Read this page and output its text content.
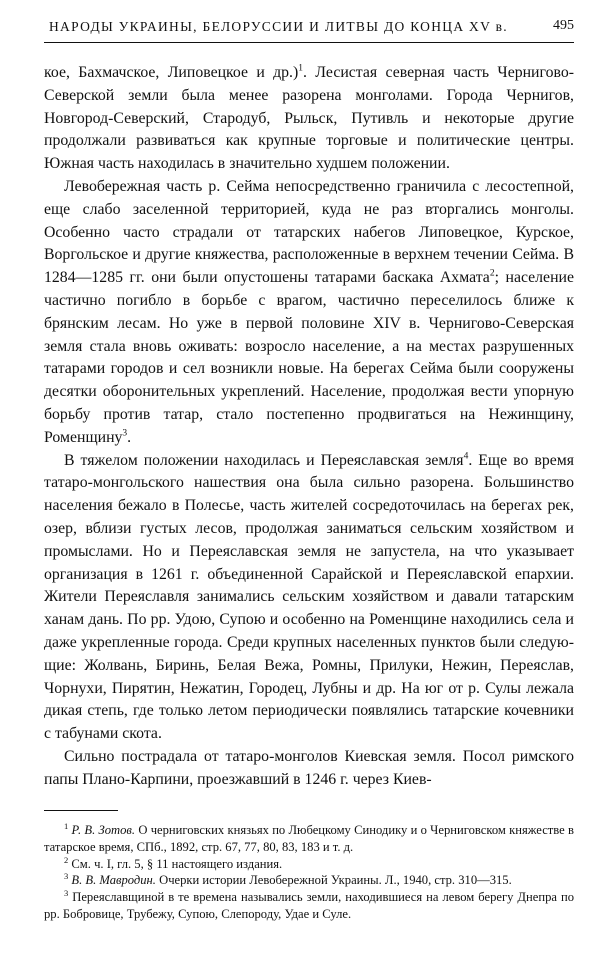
НАРОДЫ УКРАИНЫ, БЕЛОРУССИИ И ЛИТВЫ ДО КОНЦА XV в.	495

кое, Бахмачское, Липовецкое и др.)$^1$. Лесистая северная часть Чернигово-Северской земли была менее разорена монголами. Города Чернигов, Новгород-Северский, Стародуб, Рыльск, Путивль и некоторые другие продолжали развиваться как крупные торговые и политические центры. Южная часть находилась в значительно худшем положении.

Левобережная часть р. Сейма непосредственно граничила с лесостепной, еще слабо заселенной территорией, куда не раз вторгались монголы. Особенно часто страдали от татарских набегов Липовецкое, Курское, Воргольское и другие княжества, расположенные в верхнем течении Сейма. В 1284—1285 гг. они были опустошены татарами баскака Ахмата$^2$; население частично погибло в борьбе с врагом, частично переселилось ближе к брянским лесам. Но уже в первой половине XIV в. Чернигово-Северская земля стала вновь оживать: возросло население, а на местах разрушенных татарами городов и сел возникли новые. На берегах Сейма были сооружены десятки оборонительных укреплений. Население, продолжая вести упорную борьбу против татар, стало постепенно продвигаться на Нежинщину, Роменщину$^3$.

В тяжелом положении находилась и Переяславская земля$^4$. Еще во время татаро-монгольского нашествия она была сильно разорена. Большинство населения бежало в Полесье, часть жителей сосредоточилась на берегах рек, озер, вблизи густых лесов, продолжая заниматься сельским хозяйством и промыслами. Но и Переяславская земля не запустела, на что указывает организация в 1261 г. объединенной Сарайской и Переяславской епархии. Жители Переяславля занимались сельским хозяйством и давали татарским ханам дань. По рр. Удою, Супою и особенно на Роменщине находились села и даже укрепленные города. Среди крупных населенных пунктов были следующие: Жолвань, Биринь, Белая Вежа, Ромны, Прилуки, Нежин, Переяслав, Чорнухи, Пирятин, Нежатин, Городец, Лубны и др. На юг от р. Сулы лежала дикая степь, где только летом периодически появлялись татарские кочевники с табунами скота.

Сильно пострадала от татаро-монголов Киевская земля. Посол римского папы Плано-Карпини, проезжавший в 1246 г. через Киев-

$^1$ Р. В. Зотов. О черниговских князьях по Любецкому Синодику и о Черниговском княжестве в татарское время, СПб., 1892, стр. 67, 77, 80, 83, 183 и т. д.

$^2$ См. ч. I, гл. 5, § 11 настоящего издания.

$^3$ В. В. Мавродин. Очерки истории Левобережной Украины. Л., 1940, стр. 310—315.

$^3$ Переяславщиной в те времена назывались земли, находившиеся на левом берегу Днепра по рр. Бобровице, Трубежу, Супою, Слепороду, Удае и Суле.
